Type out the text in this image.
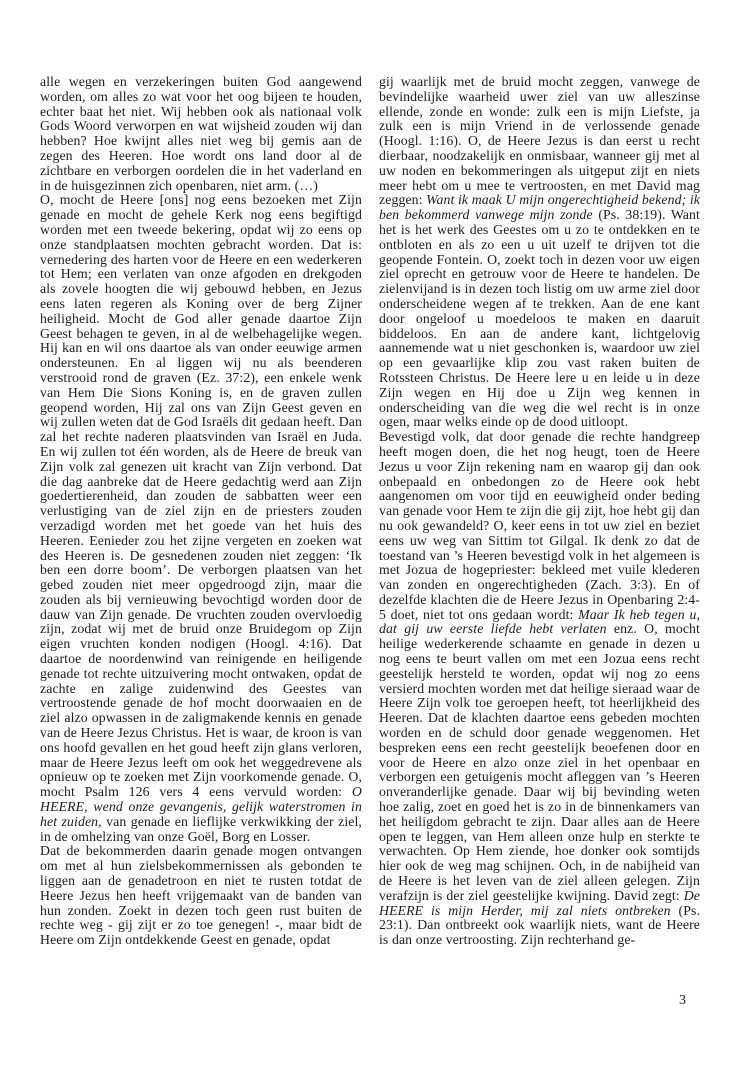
alle wegen en verzekeringen buiten God aangewend worden, om alles zo wat voor het oog bijeen te houden, echter baat het niet. Wij hebben ook als nationaal volk Gods Woord verworpen en wat wijsheid zouden wij dan hebben? Hoe kwijnt alles niet weg bij gemis aan de zegen des Heeren. Hoe wordt ons land door al de zichtbare en verborgen oordelen die in het vaderland en in de huisgezinnen zich openbaren, niet arm. (…)

O, mocht de Heere [ons] nog eens bezoeken met Zijn genade en mocht de gehele Kerk nog eens begiftigd worden met een tweede bekering, opdat wij zo eens op onze standplaatsen mochten gebracht worden. Dat is: vernedering des harten voor de Heere en een wederkeren tot Hem; een verlaten van onze afgoden en drekgoden als zovele hoogten die wij gebouwd hebben, en Jezus eens laten regeren als Koning over de berg Zijner heiligheid. Mocht de God aller genade daartoe Zijn Geest behagen te geven, in al de welbehagelijke wegen. Hij kan en wil ons daartoe als van onder eeuwige armen ondersteunen. En al liggen wij nu als beenderen verstrooid rond de graven (Ez. 37:2), een enkele wenk van Hem Die Sions Koning is, en de graven zullen geopend worden, Hij zal ons van Zijn Geest geven en wij zullen weten dat de God Israëls dit gedaan heeft. Dan zal het rechte naderen plaatsvinden van Israël en Juda. En wij zullen tot één worden, als de Heere de breuk van Zijn volk zal genezen uit kracht van Zijn verbond. Dat die dag aanbreke dat de Heere gedachtig werd aan Zijn goedertierenheid, dan zouden de sabbatten weer een verlustiging van de ziel zijn en de priesters zouden verzadigd worden met het goede van het huis des Heeren. Eenieder zou het zijne vergeten en zoeken wat des Heeren is. De gesnedenen zouden niet zeggen: ‘Ik ben een dorre boom’. De verborgen plaatsen van het gebed zouden niet meer opgedroogd zijn, maar die zouden als bij vernieuwing bevochtigd worden door de dauw van Zijn genade. De vruchten zouden overvloedig zijn, zodat wij met de bruid onze Bruidegom op Zijn eigen vruchten konden nodigen (Hoogl. 4:16). Dat daartoe de noordenwind van reinigende en heiligende genade tot rechte uitzuivering mocht ontwaken, opdat de zachte en zalige zuidenwind des Geestes van vertroostende genade de hof mocht doorwaaien en de ziel alzo opwassen in de zaligmakende kennis en genade van de Heere Jezus Christus. Het is waar, de kroon is van ons hoofd gevallen en het goud heeft zijn glans verloren, maar de Heere Jezus leeft om ook het weggedrevene als opnieuw op te zoeken met Zijn voorkomende genade. O, mocht Psalm 126 vers 4 eens vervuld worden: O HEERE, wend onze gevangenis, gelijk waterstromen in het zuiden, van genade en lieflijke verkwikking der ziel, in de omhelzing van onze Goël, Borg en Losser.

Dat de bekommerden daarin genade mogen ontvangen om met al hun zielsbekommernissen als gebonden te liggen aan de genadetroon en niet te rusten totdat de Heere Jezus hen heeft vrijgemaakt van de banden van hun zonden. Zoekt in dezen toch geen rust buiten de rechte weg - gij zijt er zo toe genegen! -, maar bidt de Heere om Zijn ontdekkende Geest en genade, opdat

gij waarlijk met de bruid mocht zeggen, vanwege de bevindelijke waarheid uwer ziel van uw alleszinse ellende, zonde en wonde: zulk een is mijn Liefste, ja zulk een is mijn Vriend in de verlossende genade (Hoogl. 1:16). O, de Heere Jezus is dan eerst u recht dierbaar, noodzakelijk en onmisbaar, wanneer gij met al uw noden en bekommeringen als uitgeput zijt en niets meer hebt om u mee te vertroosten, en met David mag zeggen: Want ik maak U mijn ongerechtigheid bekend; ik ben bekommerd vanwege mijn zonde (Ps. 38:19). Want het is het werk des Geestes om u zo te ontdekken en te ontbloten en als zo een u uit uzelf te drijven tot die geopende Fontein. O, zoekt toch in dezen voor uw eigen ziel oprecht en getrouw voor de Heere te handelen. De zielenvijand is in dezen toch listig om uw arme ziel door onderscheidene wegen af te trekken. Aan de ene kant door ongeloof u moedeloos te maken en daaruit biddeloos. En aan de andere kant, lichtgelovig aannemende wat u niet geschonken is, waardoor uw ziel op een gevaarlijke klip zou vast raken buiten de Rotssteen Christus. De Heere lere u en leide u in deze Zijn wegen en Hij doe u Zijn weg kennen in onderscheiding van die weg die wel recht is in onze ogen, maar welks einde op de dood uitloopt.

Bevestigd volk, dat door genade die rechte handgreep heeft mogen doen, die het nog heugt, toen de Heere Jezus u voor Zijn rekening nam en waarop gij dan ook onbepaald en onbedongen zo de Heere ook hebt aangenomen om voor tijd en eeuwigheid onder beding van genade voor Hem te zijn die gij zijt, hoe hebt gij dan nu ook gewandeld? O, keer eens in tot uw ziel en beziet eens uw weg van Sittim tot Gilgal. Ik denk zo dat de toestand van ’s Heeren bevestigd volk in het algemeen is met Jozua de hogepriester: bekleed met vuile klederen van zonden en ongerechtigheden (Zach. 3:3). En of dezelfde klachten die de Heere Jezus in Openbaring 2:4-5 doet, niet tot ons gedaan wordt: Maar Ik heb tegen u, dat gij uw eerste liefde hebt verlaten enz. O, mocht heilige wederkerende schaamte en genade in dezen u nog eens te beurt vallen om met een Jozua eens recht geestelijk hersteld te worden, opdat wij nog zo eens versierd mochten worden met dat heilige sieraad waar de Heere Zijn volk toe geroepen heeft, tot heerlijkheid des Heeren. Dat de klachten daartoe eens gebeden mochten worden en de schuld door genade weggenomen. Het bespreken eens een recht geestelijk beoefenen door en voor de Heere en alzo onze ziel in het openbaar en verborgen een getuigenis mocht afleggen van ’s Heeren onveranderlijke genade. Daar wij bij bevinding weten hoe zalig, zoet en goed het is zo in de binnenkamers van het heiligdom gebracht te zijn. Daar alles aan de Heere open te leggen, van Hem alleen onze hulp en sterkte te verwachten. Op Hem ziende, hoe donker ook somtijds hier ook de weg mag schijnen. Och, in de nabijheid van de Heere is het leven van de ziel alleen gelegen. Zijn verafzijn is der ziel geestelijke kwijning. David zegt: De HEERE is mijn Herder, mij zal niets ontbreken (Ps. 23:1). Dan ontbreekt ook waarlijk niets, want de Heere is dan onze vertroosting. Zijn rechterhand ge-

3
